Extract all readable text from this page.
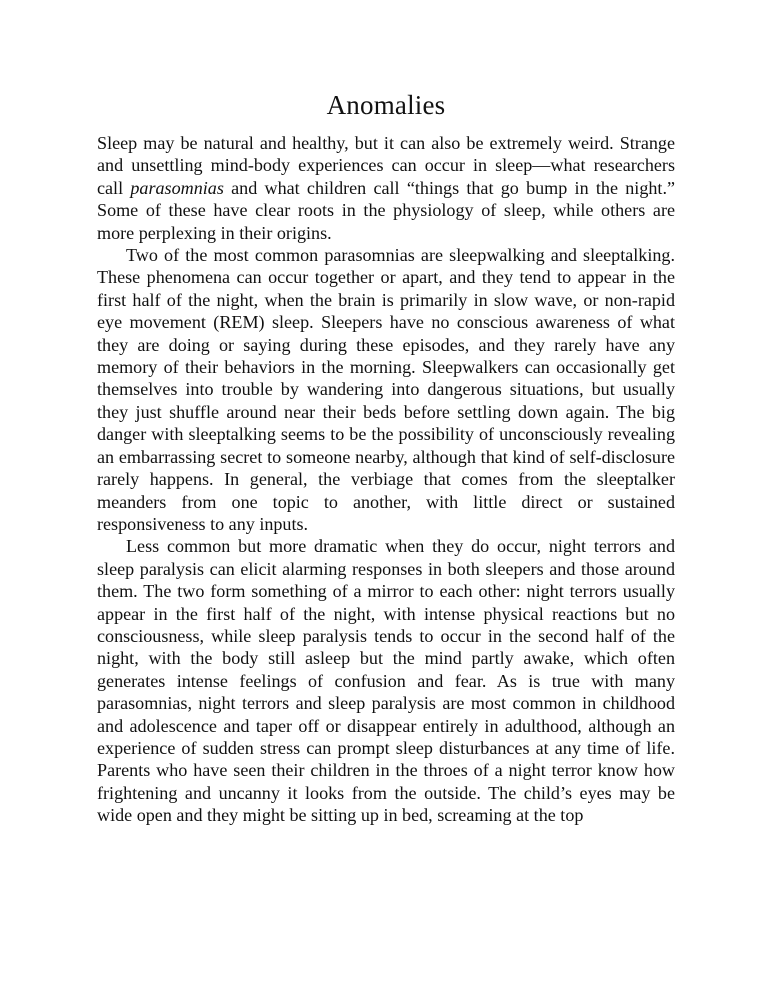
Anomalies

Sleep may be natural and healthy, but it can also be extremely weird. Strange and unsettling mind-body experiences can occur in sleep—what researchers call parasomnias and what children call “things that go bump in the night.” Some of these have clear roots in the physiology of sleep, while others are more perplexing in their origins.

Two of the most common parasomnias are sleepwalking and sleeptalking. These phenomena can occur together or apart, and they tend to appear in the first half of the night, when the brain is primarily in slow wave, or non-rapid eye movement (REM) sleep. Sleepers have no conscious awareness of what they are doing or saying during these episodes, and they rarely have any memory of their behaviors in the morning. Sleepwalkers can occasionally get themselves into trouble by wandering into dangerous situations, but usually they just shuffle around near their beds before settling down again. The big danger with sleeptalking seems to be the possibility of unconsciously revealing an embarrassing secret to someone nearby, although that kind of self-disclosure rarely happens. In general, the verbiage that comes from the sleeptalker meanders from one topic to another, with little direct or sustained responsiveness to any inputs.

Less common but more dramatic when they do occur, night terrors and sleep paralysis can elicit alarming responses in both sleepers and those around them. The two form something of a mirror to each other: night terrors usually appear in the first half of the night, with intense physical reactions but no consciousness, while sleep paralysis tends to occur in the second half of the night, with the body still asleep but the mind partly awake, which often generates intense feelings of confusion and fear. As is true with many parasomnias, night terrors and sleep paralysis are most common in childhood and adolescence and taper off or disappear entirely in adulthood, although an experience of sudden stress can prompt sleep disturbances at any time of life. Parents who have seen their children in the throes of a night terror know how frightening and uncanny it looks from the outside. The child’s eyes may be wide open and they might be sitting up in bed, screaming at the top
